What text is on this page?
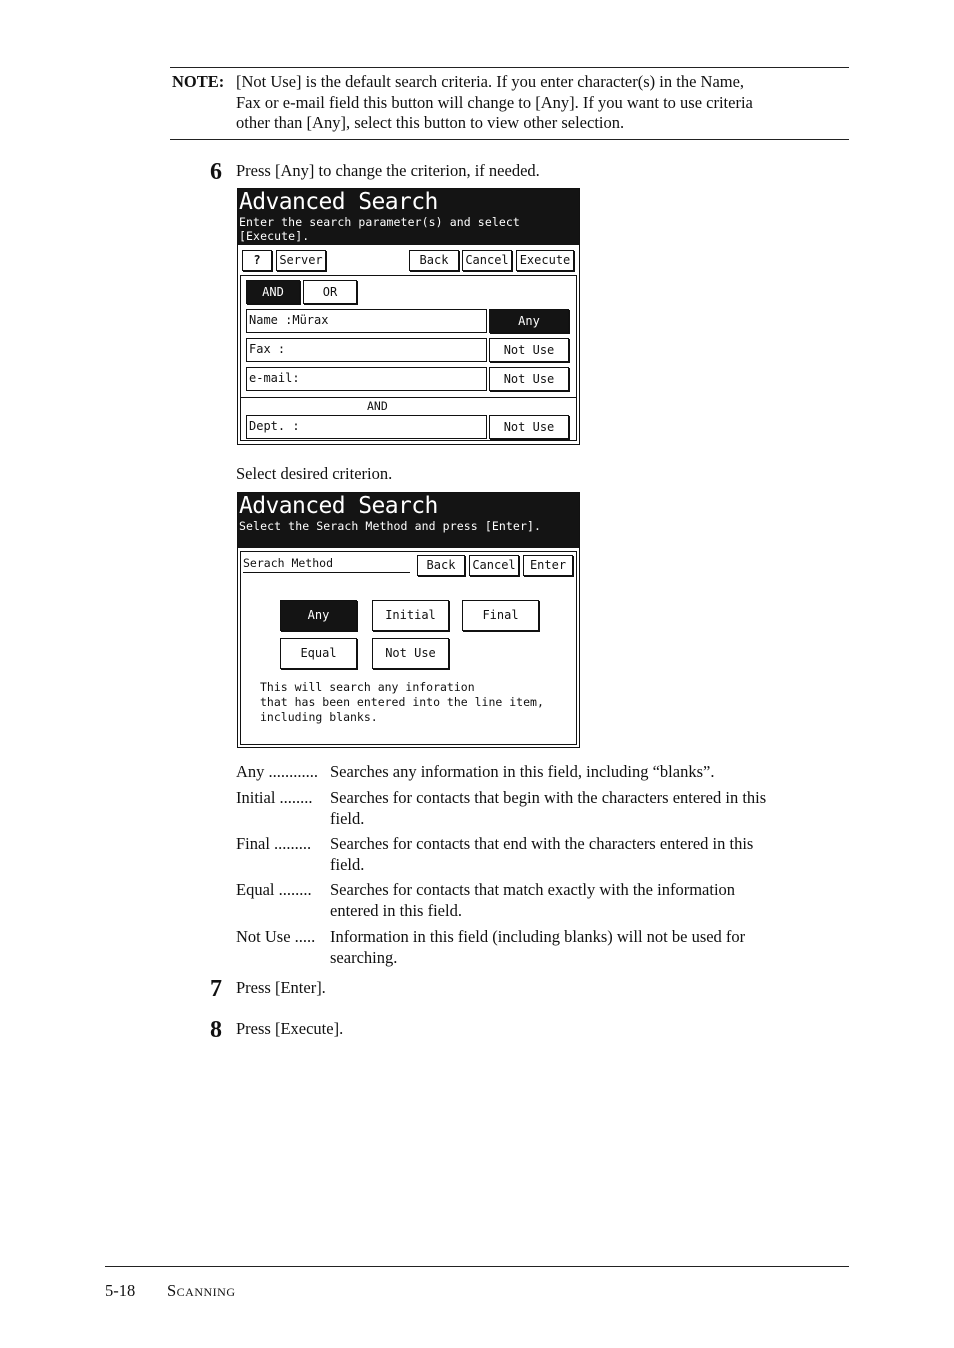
NOTE: [Not Use] is the default search criteria. If you enter character(s) in the Name,
Fax or e-mail field this button will change to [Any]. If you want to use criteria
other than [Any], select this button to view other selection.
6 Press [Any] to change the criterion, if needed.
Advanced Search
Enter the search parameter(s) and select
[Execute].
?	Server	Back	Cancel Execute
AND	OR
Name :Mürax	Any
Fax :	Not Use
e-mail:	Not Use
AND
Dept. :	Not Use
Select desired criterion.
Advanced Search
Select the Serach Method and press [Enter].
Serach Method	Back	Cancel	Enter
Any	Initial	Final
Equal	Not Use
This will search any inforation
that has been entered into the line item,
including blanks.
Any ............ Searches any information in this field, including “blanks”.
Initial ........ Searches for contacts that begin with the characters entered in this
field.
Final ......... Searches for contacts that end with the characters entered in this
field.
Equal ........ Searches for contacts that match exactly with the information
entered in this field.
Not Use ..... Information in this field (including blanks) will not be used for
searching.
7 Press [Enter].
8 Press [Execute].
5-18 Scanning
